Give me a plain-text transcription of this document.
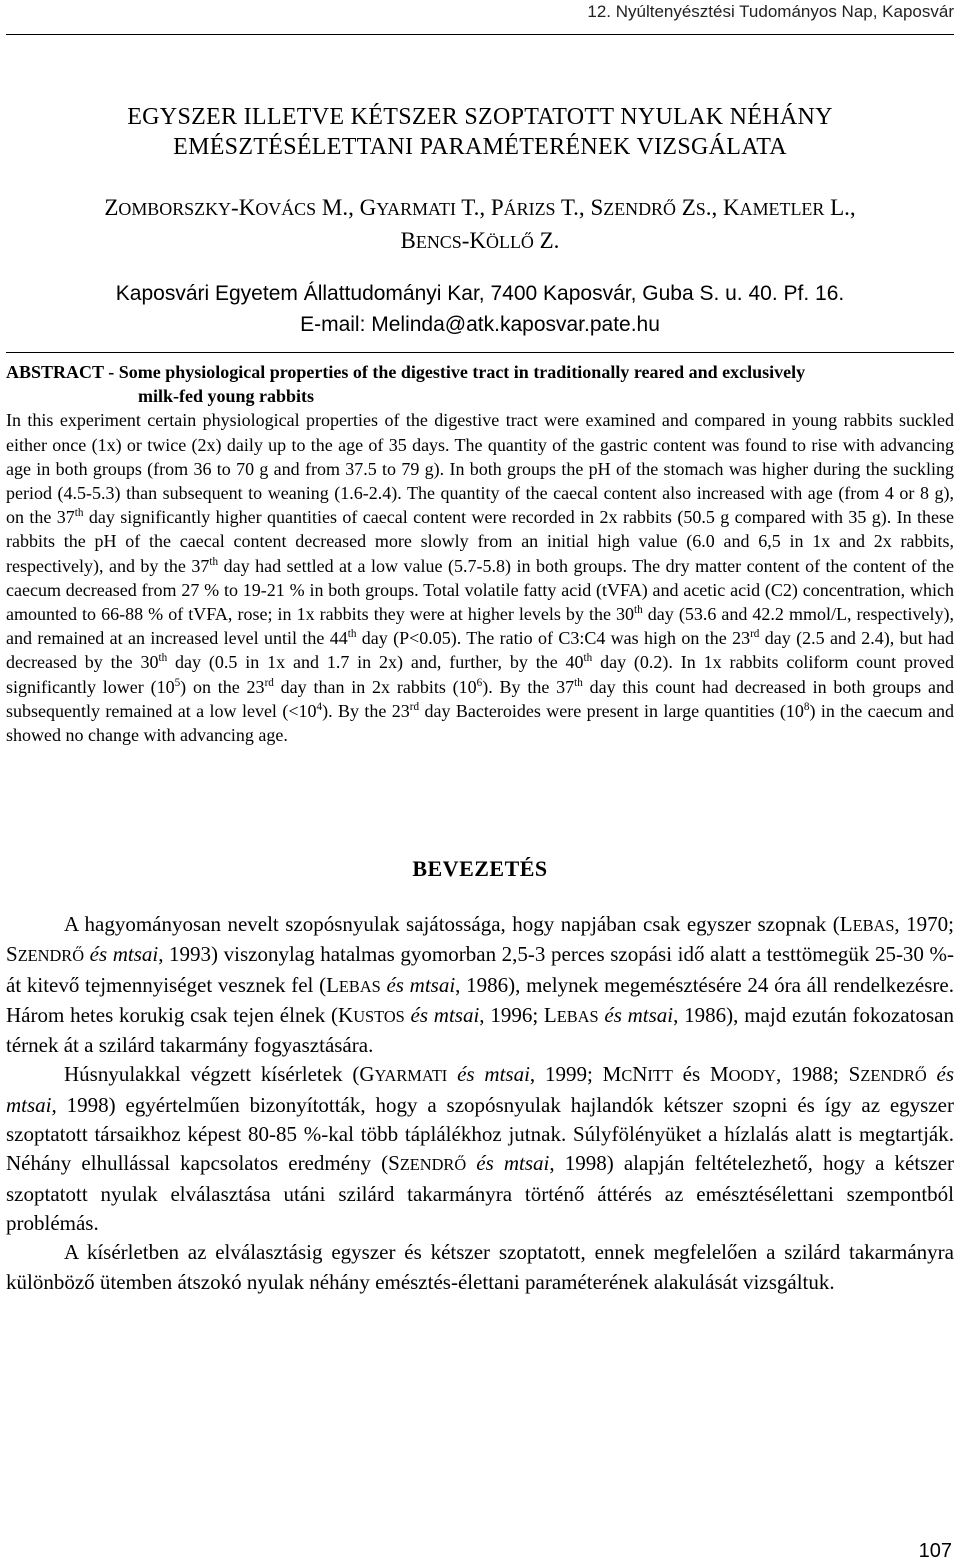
12. Nyúltenyésztési Tudományos Nap, Kaposvár
EGYSZER ILLETVE KÉTSZER SZOPTATOTT NYULAK NÉHÁNY
EMÉSZTÉSÉLETTANI PARAMÉTERÉNEK VIZSGÁLATA
ZOMBORSZKY-KOVÁCS M., GYARMATI T., PÁRIZS T., SZENDRŐ ZS., KAMETLER L.,
BENCS-KÖLLŐ Z.
Kaposvári Egyetem Állattudományi Kar, 7400 Kaposvár, Guba S. u. 40. Pf. 16.
E-mail: Melinda@atk.kaposvar.pate.hu
ABSTRACT - Some physiological properties of the digestive tract in traditionally reared and exclusively
milk-fed young rabbits

In this experiment certain physiological properties of the digestive tract were examined and compared in young rabbits suckled either once (1x) or twice (2x) daily up to the age of 35 days. The quantity of the gastric content was found to rise with advancing age in both groups (from 36 to 70 g and from 37.5 to 79 g). In both groups the pH of the stomach was higher during the suckling period (4.5-5.3) than subsequent to weaning (1.6-2.4). The quantity of the caecal content also increased with age (from 4 or 8 g), on the 37th day significantly higher quantities of caecal content were recorded in 2x rabbits (50.5 g compared with 35 g). In these rabbits the pH of the caecal content decreased more slowly from an initial high value (6.0 and 6,5 in 1x and 2x rabbits, respectively), and by the 37th day had settled at a low value (5.7-5.8) in both groups. The dry matter content of the content of the caecum decreased from 27 % to 19-21 % in both groups. Total volatile fatty acid (tVFA) and acetic acid (C2) concentration, which amounted to 66-88 % of tVFA, rose; in 1x rabbits they were at higher levels by the 30th day (53.6 and 42.2 mmol/L, respectively), and remained at an increased level until the 44th day (P<0.05). The ratio of C3:C4 was high on the 23rd day (2.5 and 2.4), but had decreased by the 30th day (0.5 in 1x and 1.7 in 2x) and, further, by the 40th day (0.2). In 1x rabbits coliform count proved significantly lower $(10^5)$ on the 23rd day than in 2x rabbits $(10^6)$. By the 37th day this count had decreased in both groups and subsequently remained at a low level $(<10^4)$. By the 23rd day Bacteroides were present in large quantities $(10^8)$ in the caecum and showed no change with advancing age.

BEVEZETÉS

A hagyományosan nevelt szopósnyulak sajátossága, hogy napjában csak egyszer szopnak (LEBAS, 1970; SZENDRŐ és mtsai, 1993) viszonylag hatalmas gyomorban 2,5-3 perces szopási idő alatt a testtömegük 25-30 %-át kitevő tejmennyiséget vesznek fel (LEBAS és mtsai, 1986), melynek megemésztésére 24 óra áll rendelkezésre. Három hetes korukig csak tejen élnek (KUSTOS és mtsai, 1996; LEBAS és mtsai, 1986), majd ezután fokozatosan térnek át a szilárd takarmány fogyasztására.

Húsnyulakkal végzett kísérletek (GYARMATI és mtsai, 1999; MCNITT és MOODY, 1988; SZENDRŐ és mtsai, 1998) egyértelműen bizonyították, hogy a szopósnyulak hajlandók kétszer szopni és így az egyszer szoptatott társaikhoz képest 80-85 %-kal több táplálékhoz jutnak. Súlyfölényüket a hízlalás alatt is megtartják. Néhány elhullással kapcsolatos eredmény (SZENDRŐ és mtsai, 1998) alapján feltételezhető, hogy a kétszer szoptatott nyulak elválasztása utáni szilárd takarmányra történő áttérés az emésztésélettani szempontból problémás.

A kísérletben az elválasztásig egyszer és kétszer szoptatott, ennek megfelelően a szilárd takarmányra különböző ütemben átszokó nyulak néhány emésztés-élettani paraméterének alakulását vizsgáltuk.

107
